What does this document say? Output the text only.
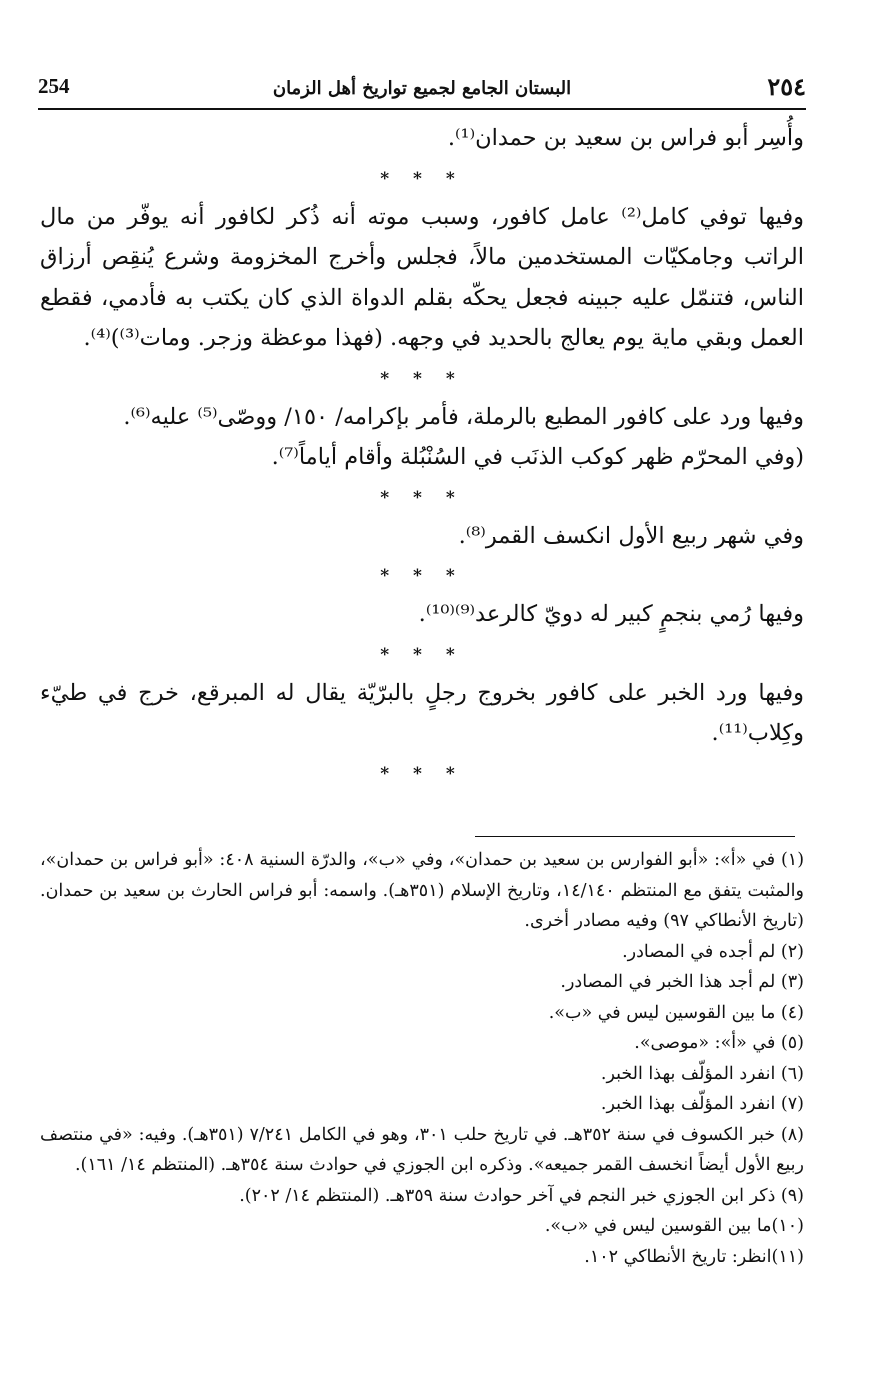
254	البستان الجامع لجميع تواريخ أهل الزمان	٢٥٤

وأُسِر أبو فراس بن سعيد بن حمدان⁽¹⁾.

* * *

وفيها توفي كامل⁽²⁾ عامل كافور، وسبب موته أنه ذُكر لكافور أنه يوفّر من مال الراتب وجامكيّات المستخدمين مالاً، فجلس وأخرج المخزومة وشرع يُنقِص أرزاق الناس، فتنمّل عليه جبينه فجعل يحكّه بقلم الدواة الذي كان يكتب به فأدمي، فقطع العمل وبقي ماية يوم يعالج بالحديد في وجهه. (فهذا موعظة وزجر. ومات⁽³⁾)⁽⁴⁾.

* * *

وفيها ورد على كافور المطيع بالرملة، فأمر بإكرامه/ ١٥٠/ ووصّى⁽⁵⁾ عليه⁽⁶⁾.

(وفي المحرّم ظهر كوكب الذنَب في السُنْبُلة وأقام أياماً⁽⁷⁾.

* * *

وفي شهر ربيع الأول انكسف القمر⁽⁸⁾.

* * *

وفيها رُمي بنجمٍ كبير له دويّ كالرعد⁽⁹⁾⁽¹⁰⁾.

* * *

وفيها ورد الخبر على كافور بخروج رجلٍ بالبرّيّة يقال له المبرقع، خرج في طيّء وكِلاب⁽¹¹⁾.

* * *

(١) في «أ»: «أبو الفوارس بن سعيد بن حمدان»، وفي «ب»، والدرّة السنية ٤٠٨: «أبو فراس بن حمدان»، والمثبت يتفق مع المنتظم ١٤/١٤٠، وتاريخ الإسلام (٣٥١هـ). واسمه: أبو فراس الحارث بن سعيد بن حمدان. (تاريخ الأنطاكي ٩٧) وفيه مصادر أخرى.

(٢) لم أجده في المصادر.

(٣) لم أجد هذا الخبر في المصادر.

(٤) ما بين القوسين ليس في «ب».

(٥) في «أ»: «موصى».

(٦) انفرد المؤلّف بهذا الخبر.

(٧) انفرد المؤلّف بهذا الخبر.

(٨) خبر الكسوف في سنة ٣٥٢هـ. في تاريخ حلب ٣٠١، وهو في الكامل ٧/٢٤١ (٣٥١هـ). وفيه: «في منتصف ربيع الأول أيضاً انخسف القمر جميعه». وذكره ابن الجوزي في حوادث سنة ٣٥٤هـ. (المنتظم ١٤/ ١٦١).

(٩) ذكر ابن الجوزي خبر النجم في آخر حوادث سنة ٣٥٩هـ. (المنتظم ١٤/ ٢٠٢).

(١٠)ما بين القوسين ليس في «ب».

(١١)انظر: تاريخ الأنطاكي ١٠٢.
